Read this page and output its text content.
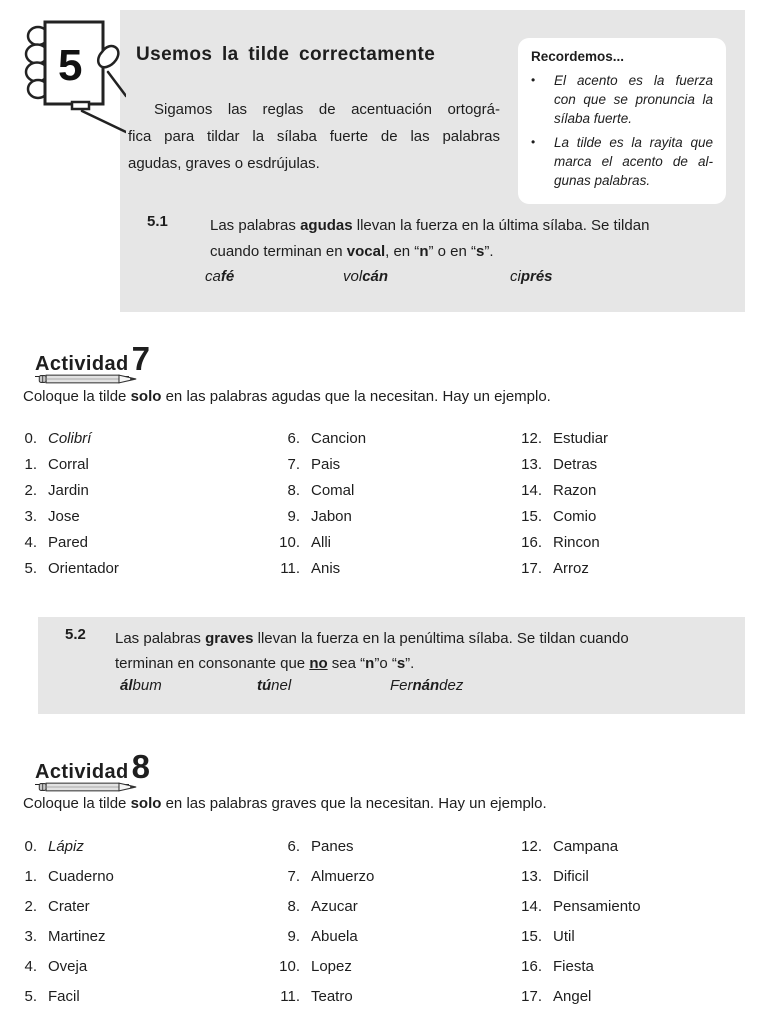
Usemos la tilde correctamente
Sigamos las reglas de acentuación ortográ-
fica para tildar la sílaba fuerte de las palabras
agudas, graves o esdrújulas.
Recordemos...
•	El acento es la fuerza
con que se pronuncia la
sílaba fuerte.
•	La tilde es la rayita que
marca el acento de al-
gunas palabras.
5.1	Las palabras agudas llevan la fuerza en la última sílaba. Se tildan
cuando terminan en vocal, en “n” o en “s”.
café	volcán	ciprés
5
Actividad7
Coloque la tilde solo en las palabras agudas que la necesitan. Hay un ejemplo.
0. Colibrí
1. Corral
2. Jardin
3. Jose
4. Pared
5. Orientador
6. Cancion
7. Pais
8. Comal
9. Jabon
10. Alli
11. Anis
12. Estudiar
13. Detras
14. Razon
15. Comio
16. Rincon
17. Arroz
5.2 Las palabras graves llevan la fuerza en la penúltima sílaba. Se tildan cuando
terminan en consonante que no sea “n”o “s”.
álbum	túnel	Fernández
Actividad8
Coloque la tilde solo en las palabras graves que la necesitan. Hay un ejemplo.
0. Lápiz
1. Cuaderno
2. Crater
3. Martinez
4. Oveja
5. Facil
6. Panes
7. Almuerzo
8. Azucar
9. Abuela
10. Lopez
11. Teatro
12. Campana
13. Dificil
14. Pensamiento
15. Util
16. Fiesta
17. Angel
